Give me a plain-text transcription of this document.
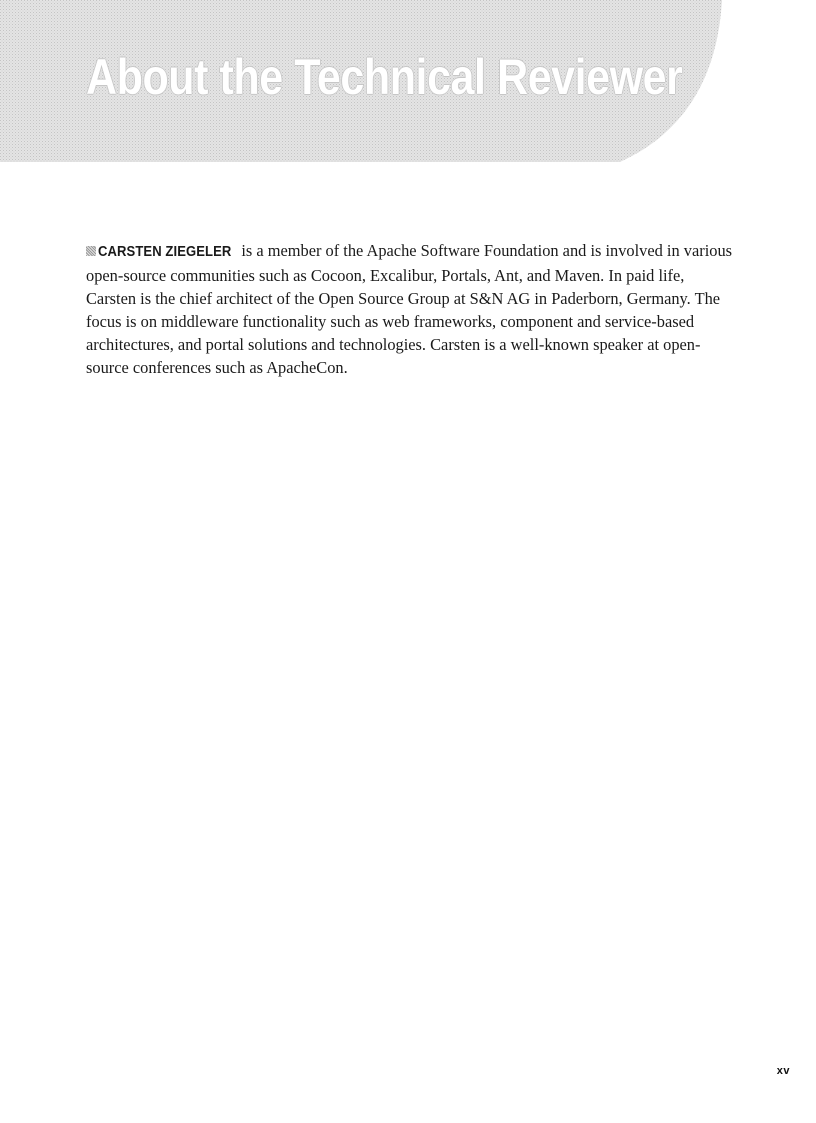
About the Technical Reviewer

CARSTEN ZIEGELER is a member of the Apache Software Foundation and is involved in various open-source communities such as Cocoon, Excalibur, Portals, Ant, and Maven. In paid life, Carsten is the chief architect of the Open Source Group at S&N AG in Paderborn, Germany. The focus is on middleware functionality such as web frameworks, component and service-based architectures, and portal solutions and technologies. Carsten is a well-known speaker at open-source conferences such as ApacheCon.

xv
